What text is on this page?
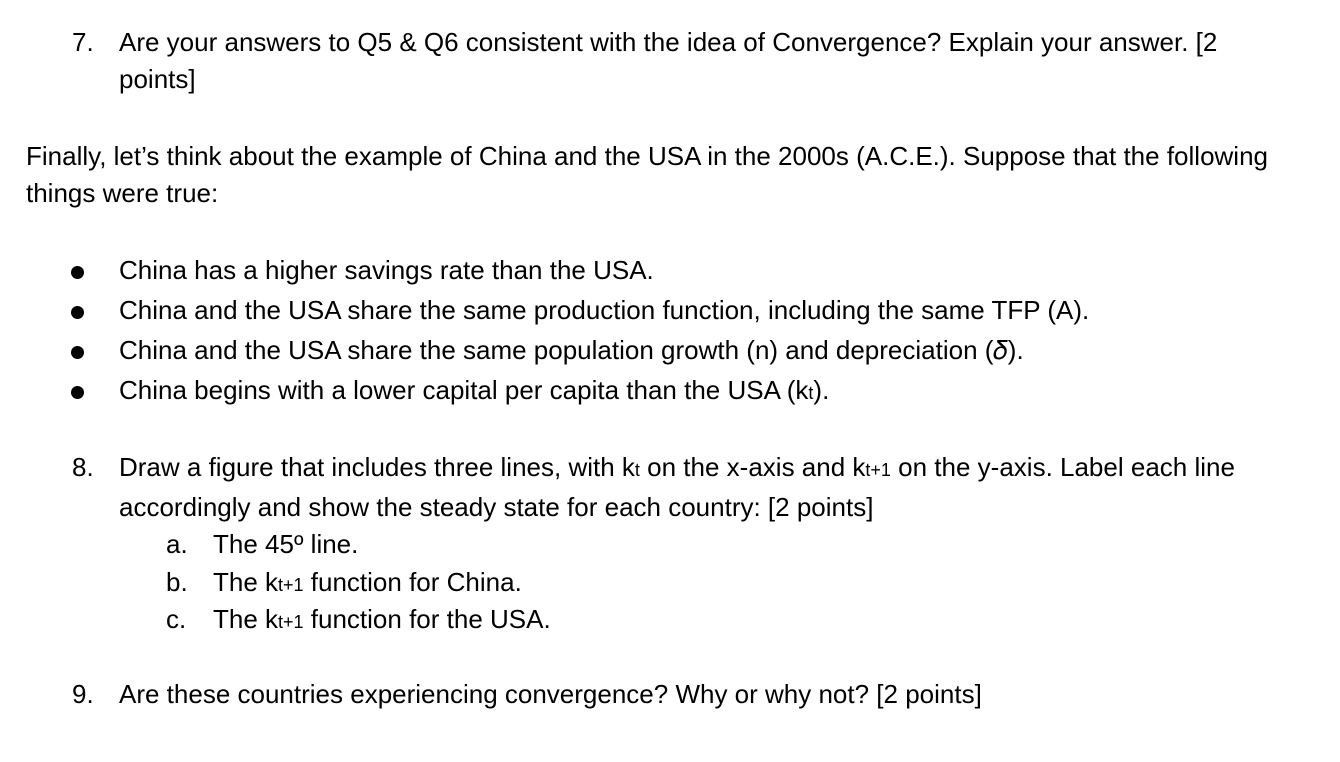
7. Are your answers to Q5 & Q6 consistent with the idea of Convergence? Explain your answer. [2 points]
Finally, let’s think about the example of China and the USA in the 2000s (A.C.E.). Suppose that the following things were true:
China has a higher savings rate than the USA.
China and the USA share the same production function, including the same TFP (A).
China and the USA share the same population growth (n) and depreciation (𝛿).
China begins with a lower capital per capita than the USA (kt).
8. Draw a figure that includes three lines, with kt on the x-axis and kt+1 on the y-axis. Label each line accordingly and show the steady state for each country: [2 points]
a. The 45º line.
b. The kt+1 function for China.
c. The kt+1 function for the USA.
9. Are these countries experiencing convergence? Why or why not? [2 points]
